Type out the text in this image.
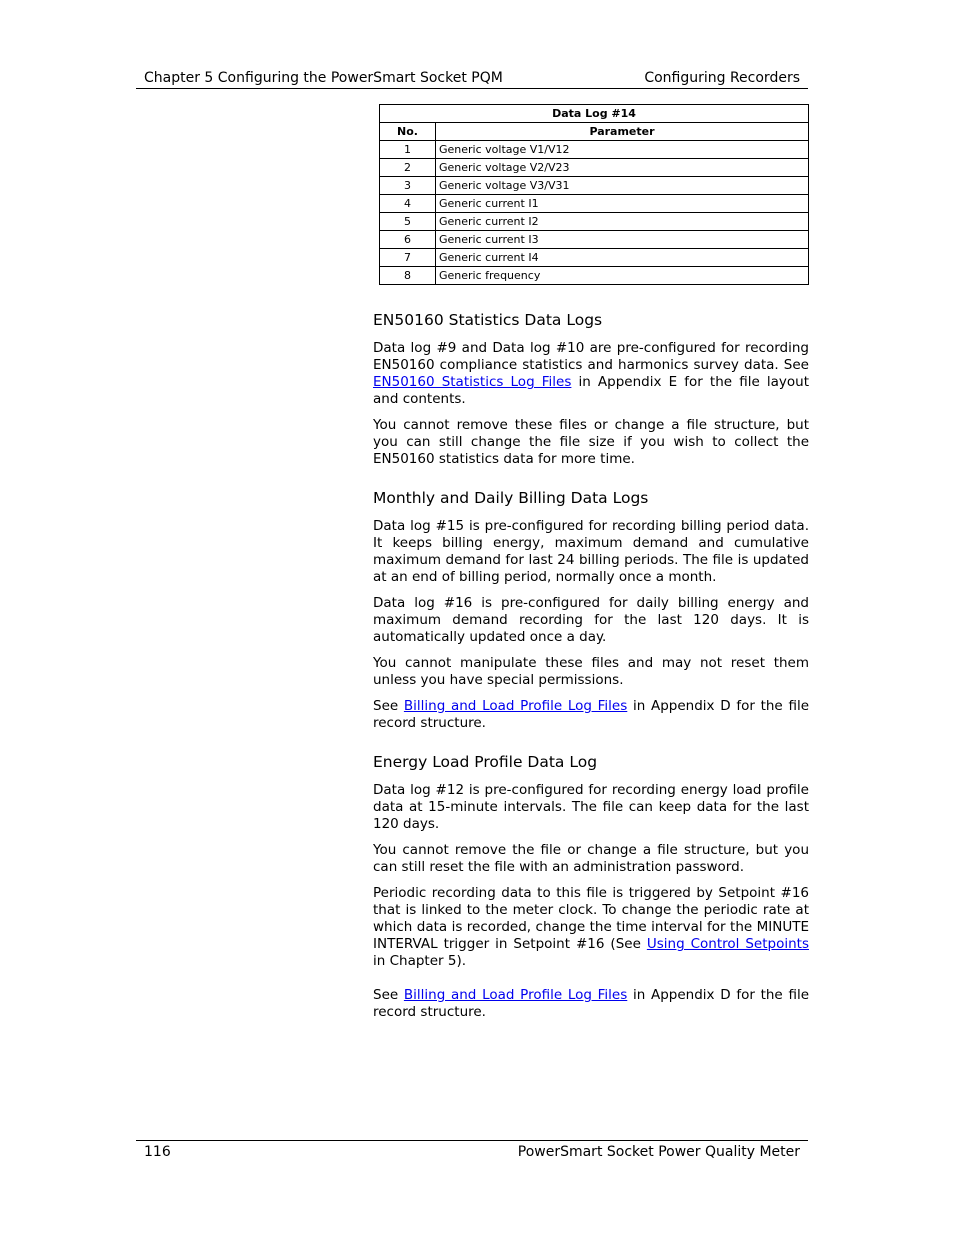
Chapter 5 Configuring the PowerSmart Socket PQM	Configuring Recorders
Data Log #14	
No.	Parameter
1	Generic voltage V1/V12
2	Generic voltage V2/V23
3	Generic voltage V3/V31
4	Generic current I1
5	Generic current I2
6	Generic current I3
7	Generic current I4
8	Generic frequency
EN50160 Statistics Data Logs

Data log #9 and Data log #10 are pre-configured for recording EN50160 compliance statistics and harmonics survey data. See EN50160 Statistics Log Files in Appendix E for the file layout and contents.

You cannot remove these files or change a file structure, but you can still change the file size if you wish to collect the EN50160 statistics data for more time.

Monthly and Daily Billing Data Logs

Data log #15 is pre-configured for recording billing period data. It keeps billing energy, maximum demand and cumulative maximum demand for last 24 billing periods. The file is updated at an end of billing period, normally once a month.

Data log #16 is pre-configured for daily billing energy and maximum demand recording for the last 120 days. It is automatically updated once a day.

You cannot manipulate these files and may not reset them unless you have special permissions.

See Billing and Load Profile Log Files in Appendix D for the file record structure.

Energy Load Profile Data Log

Data log #12 is pre-configured for recording energy load profile data at 15-minute intervals. The file can keep data for the last 120 days.

You cannot remove the file or change a file structure, but you can still reset the file with an administration password.

Periodic recording data to this file is triggered by Setpoint #16 that is linked to the meter clock. To change the periodic rate at which data is recorded, change the time interval for the MINUTE INTERVAL trigger in Setpoint #16 (See Using Control Setpoints in Chapter 5).

See Billing and Load Profile Log Files in Appendix D for the file record structure.

116	PowerSmart Socket Power Quality Meter
